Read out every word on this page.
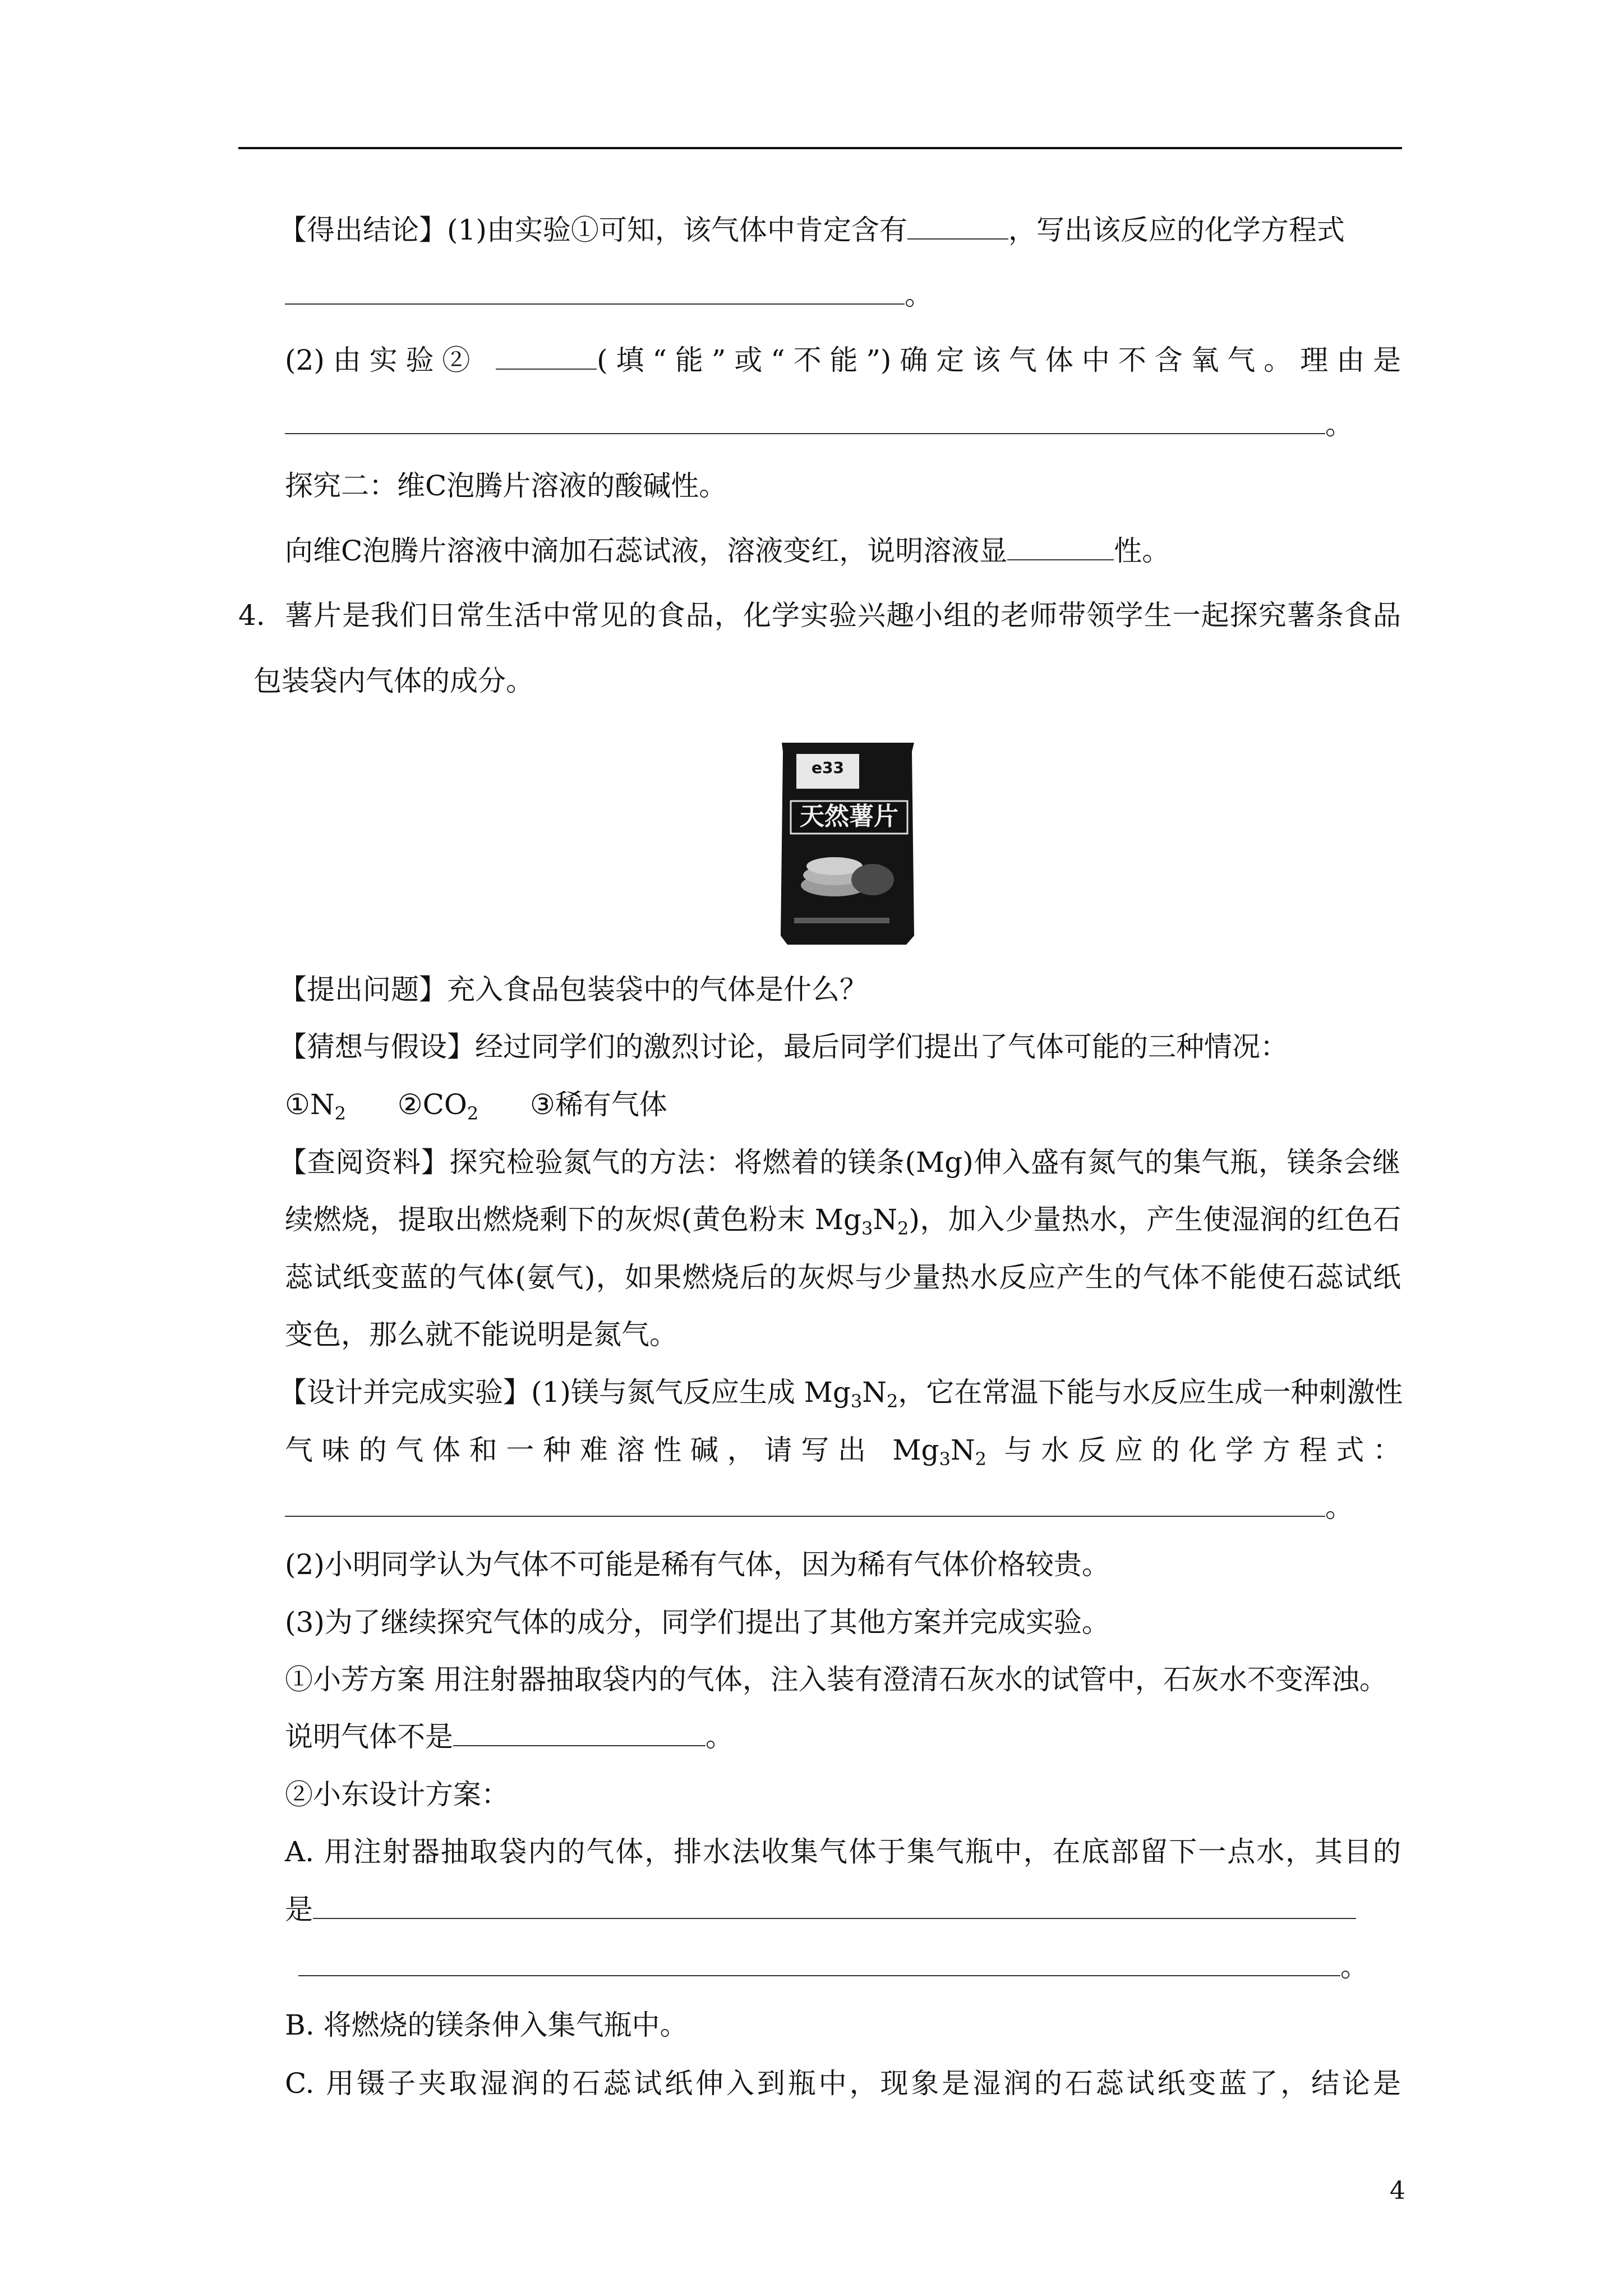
【得出结论】(1)由实验①可知，该气体中肯定含有	，写出该反应的化学方程式
。
(2)由实验②	(填“能”或“不能”)确定该气体中不含氧气。理由是
。
探究二：维C泡腾片溶液的酸碱性。
向维C泡腾片溶液中滴加石蕊试液，溶液变红，说明溶液显	性。
4. 薯片是我们日常生活中常见的食品，化学实验兴趣小组的老师带领学生一起探究薯条食品
包装袋内气体的成分。
e33
天然薯片
【提出问题】充入食品包装袋中的气体是什么？
【猜想与假设】经过同学们的激烈讨论，最后同学们提出了气体可能的三种情况：
$①N_2$ $②CO_2$ ③稀有气体
【查阅资料】探究检验氮气的方法：将燃着的镁条(Mg)伸入盛有氮气的集气瓶，镁条会继
续燃烧，提取出燃烧剩下的灰烬(黄色粉末 $Mg_3N_2$)，加入少量热水，产生使湿润的红色石
蕊试纸变蓝的气体(氨气)，如果燃烧后的灰烬与少量热水反应产生的气体不能使石蕊试纸
变色，那么就不能说明是氮气。
【设计并完成实验】(1)镁与氮气反应生成 $Mg_3N_2$，它在常温下能与水反应生成一种刺激性
气味的气体和一种难溶性碱，请写出 $Mg_3N_2$ 与水反应的化学方程式：
。
(2)小明同学认为气体不可能是稀有气体，因为稀有气体价格较贵。
(3)为了继续探究气体的成分，同学们提出了其他方案并完成实验。
①小芳方案 用注射器抽取袋内的气体，注入装有澄清石灰水的试管中，石灰水不变浑浊。
说明气体不是	。
②小东设计方案：
A. 用注射器抽取袋内的气体，排水法收集气体于集气瓶中，在底部留下一点水，其目的
是
。
B. 将燃烧的镁条伸入集气瓶中。
C. 用镊子夹取湿润的石蕊试纸伸入到瓶中，现象是湿润的石蕊试纸变蓝了，结论是
4
